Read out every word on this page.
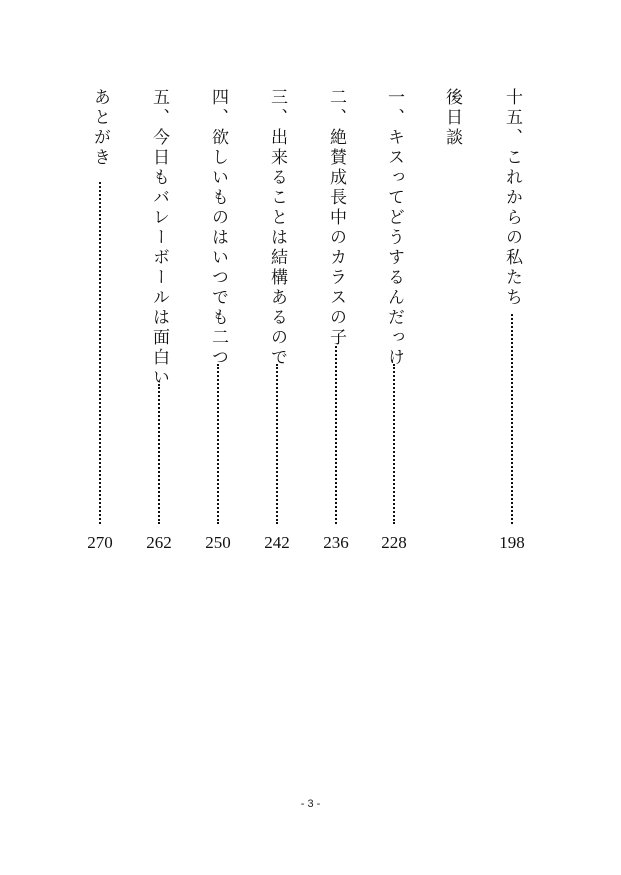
十五、これからの私たち
198
後日談
一、キスってどうするんだっけ
228
二、絶賛成長中のカラスの子
236
三、出来ることは結構あるので
242
四、欲しいものはいつでも二つ
250
五、今日もバレーボールは面白い
262
あとがき
270
- 3 -
